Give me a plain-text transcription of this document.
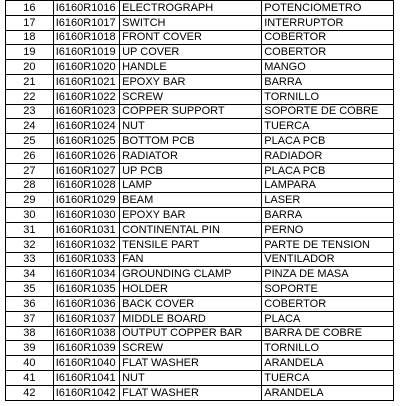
16	I6160R1016	ELECTROGRAPH	POTENCIOMETRO
17	I6160R1017	SWITCH	INTERRUPTOR
18	I6160R1018	FRONT COVER	COBERTOR
19	I6160R1019	UP COVER	COBERTOR
20	I6160R1020	HANDLE	MANGO
21	I6160R1021	EPOXY BAR	BARRA
22	I6160R1022	SCREW	TORNILLO
23	I6160R1023	COPPER SUPPORT	SOPORTE DE COBRE
24	I6160R1024	NUT	TUERCA
25	I6160R1025	BOTTOM PCB	PLACA PCB
26	I6160R1026	RADIATOR	RADIADOR
27	I6160R1027	UP PCB	PLACA PCB
28	I6160R1028	LAMP	LAMPARA
29	I6160R1029	BEAM	LASER
30	I6160R1030	EPOXY BAR	BARRA
31	I6160R1031	CONTINENTAL PIN	PERNO
32	I6160R1032	TENSILE PART	PARTE DE TENSION
33	I6160R1033	FAN	VENTILADOR
34	I6160R1034	GROUNDING CLAMP	PINZA DE MASA
35	I6160R1035	HOLDER	SOPORTE
36	I6160R1036	BACK COVER	COBERTOR
37	I6160R1037	MIDDLE BOARD	PLACA
38	I6160R1038	OUTPUT COPPER BAR	BARRA DE COBRE
39	I6160R1039	SCREW	TORNILLO
40	I6160R1040	FLAT WASHER	ARANDELA
41	I6160R1041	NUT	TUERCA
42	I6160R1042	FLAT WASHER	ARANDELA
